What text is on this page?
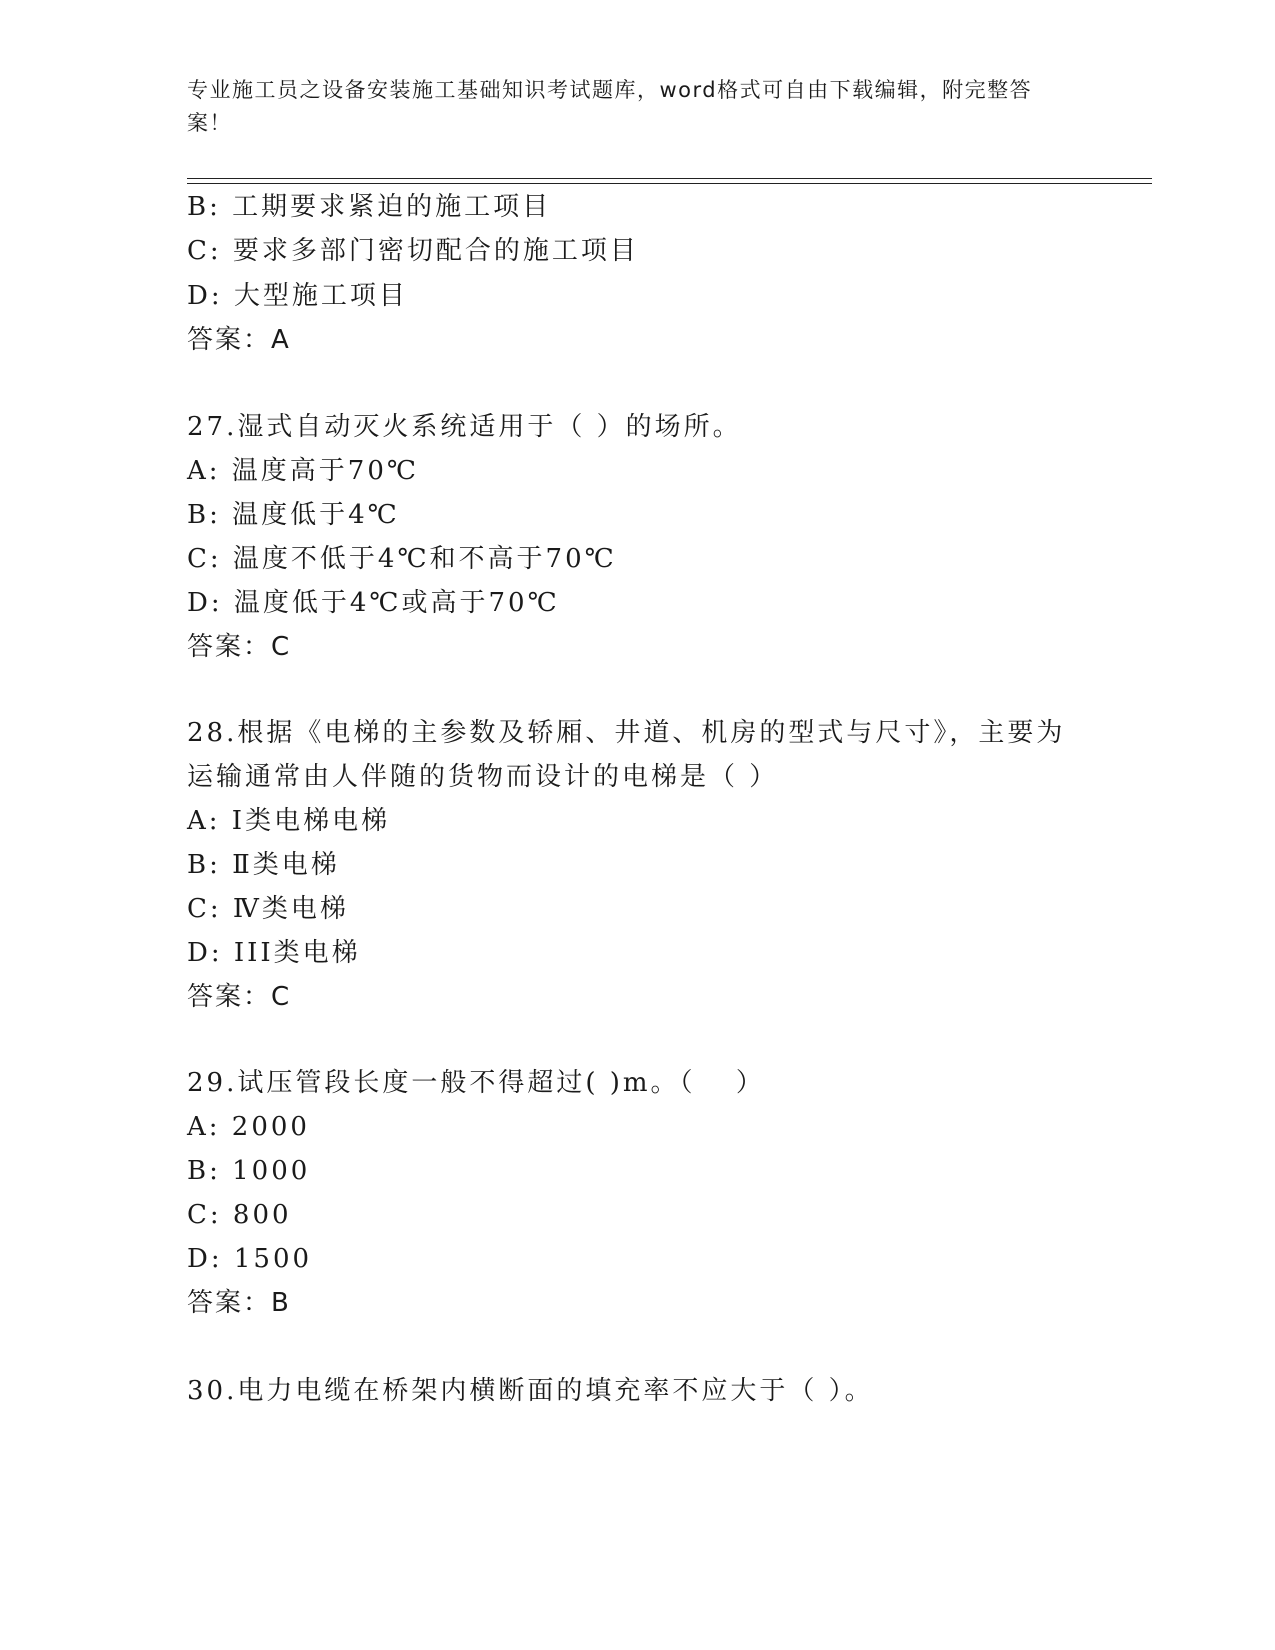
专业施工员之设备安装施工基础知识考试题库，word格式可自由下载编辑，附完整答案！
B: 工期要求紧迫的施工项目
C: 要求多部门密切配合的施工项目
D: 大型施工项目
答案：A
27.湿式自动灭火系统适用于（ ）的场所。
A: 温度高于70℃
B: 温度低于4℃
C: 温度不低于4℃和不高于70℃
D: 温度低于4℃或高于70℃
答案：C
28.根据《电梯的主参数及轿厢、井道、机房的型式与尺寸》，主要为
运输通常由人伴随的货物而设计的电梯是（ ）
A: Ⅰ类电梯电梯
B: Ⅱ类电梯
C: Ⅳ类电梯
D: III类电梯
答案：C
29.试压管段长度一般不得超过( )m。（　 ）
A: 2000
B: 1000
C: 800
D: 1500
答案：B
30.电力电缆在桥架内横断面的填充率不应大于（ ）。
